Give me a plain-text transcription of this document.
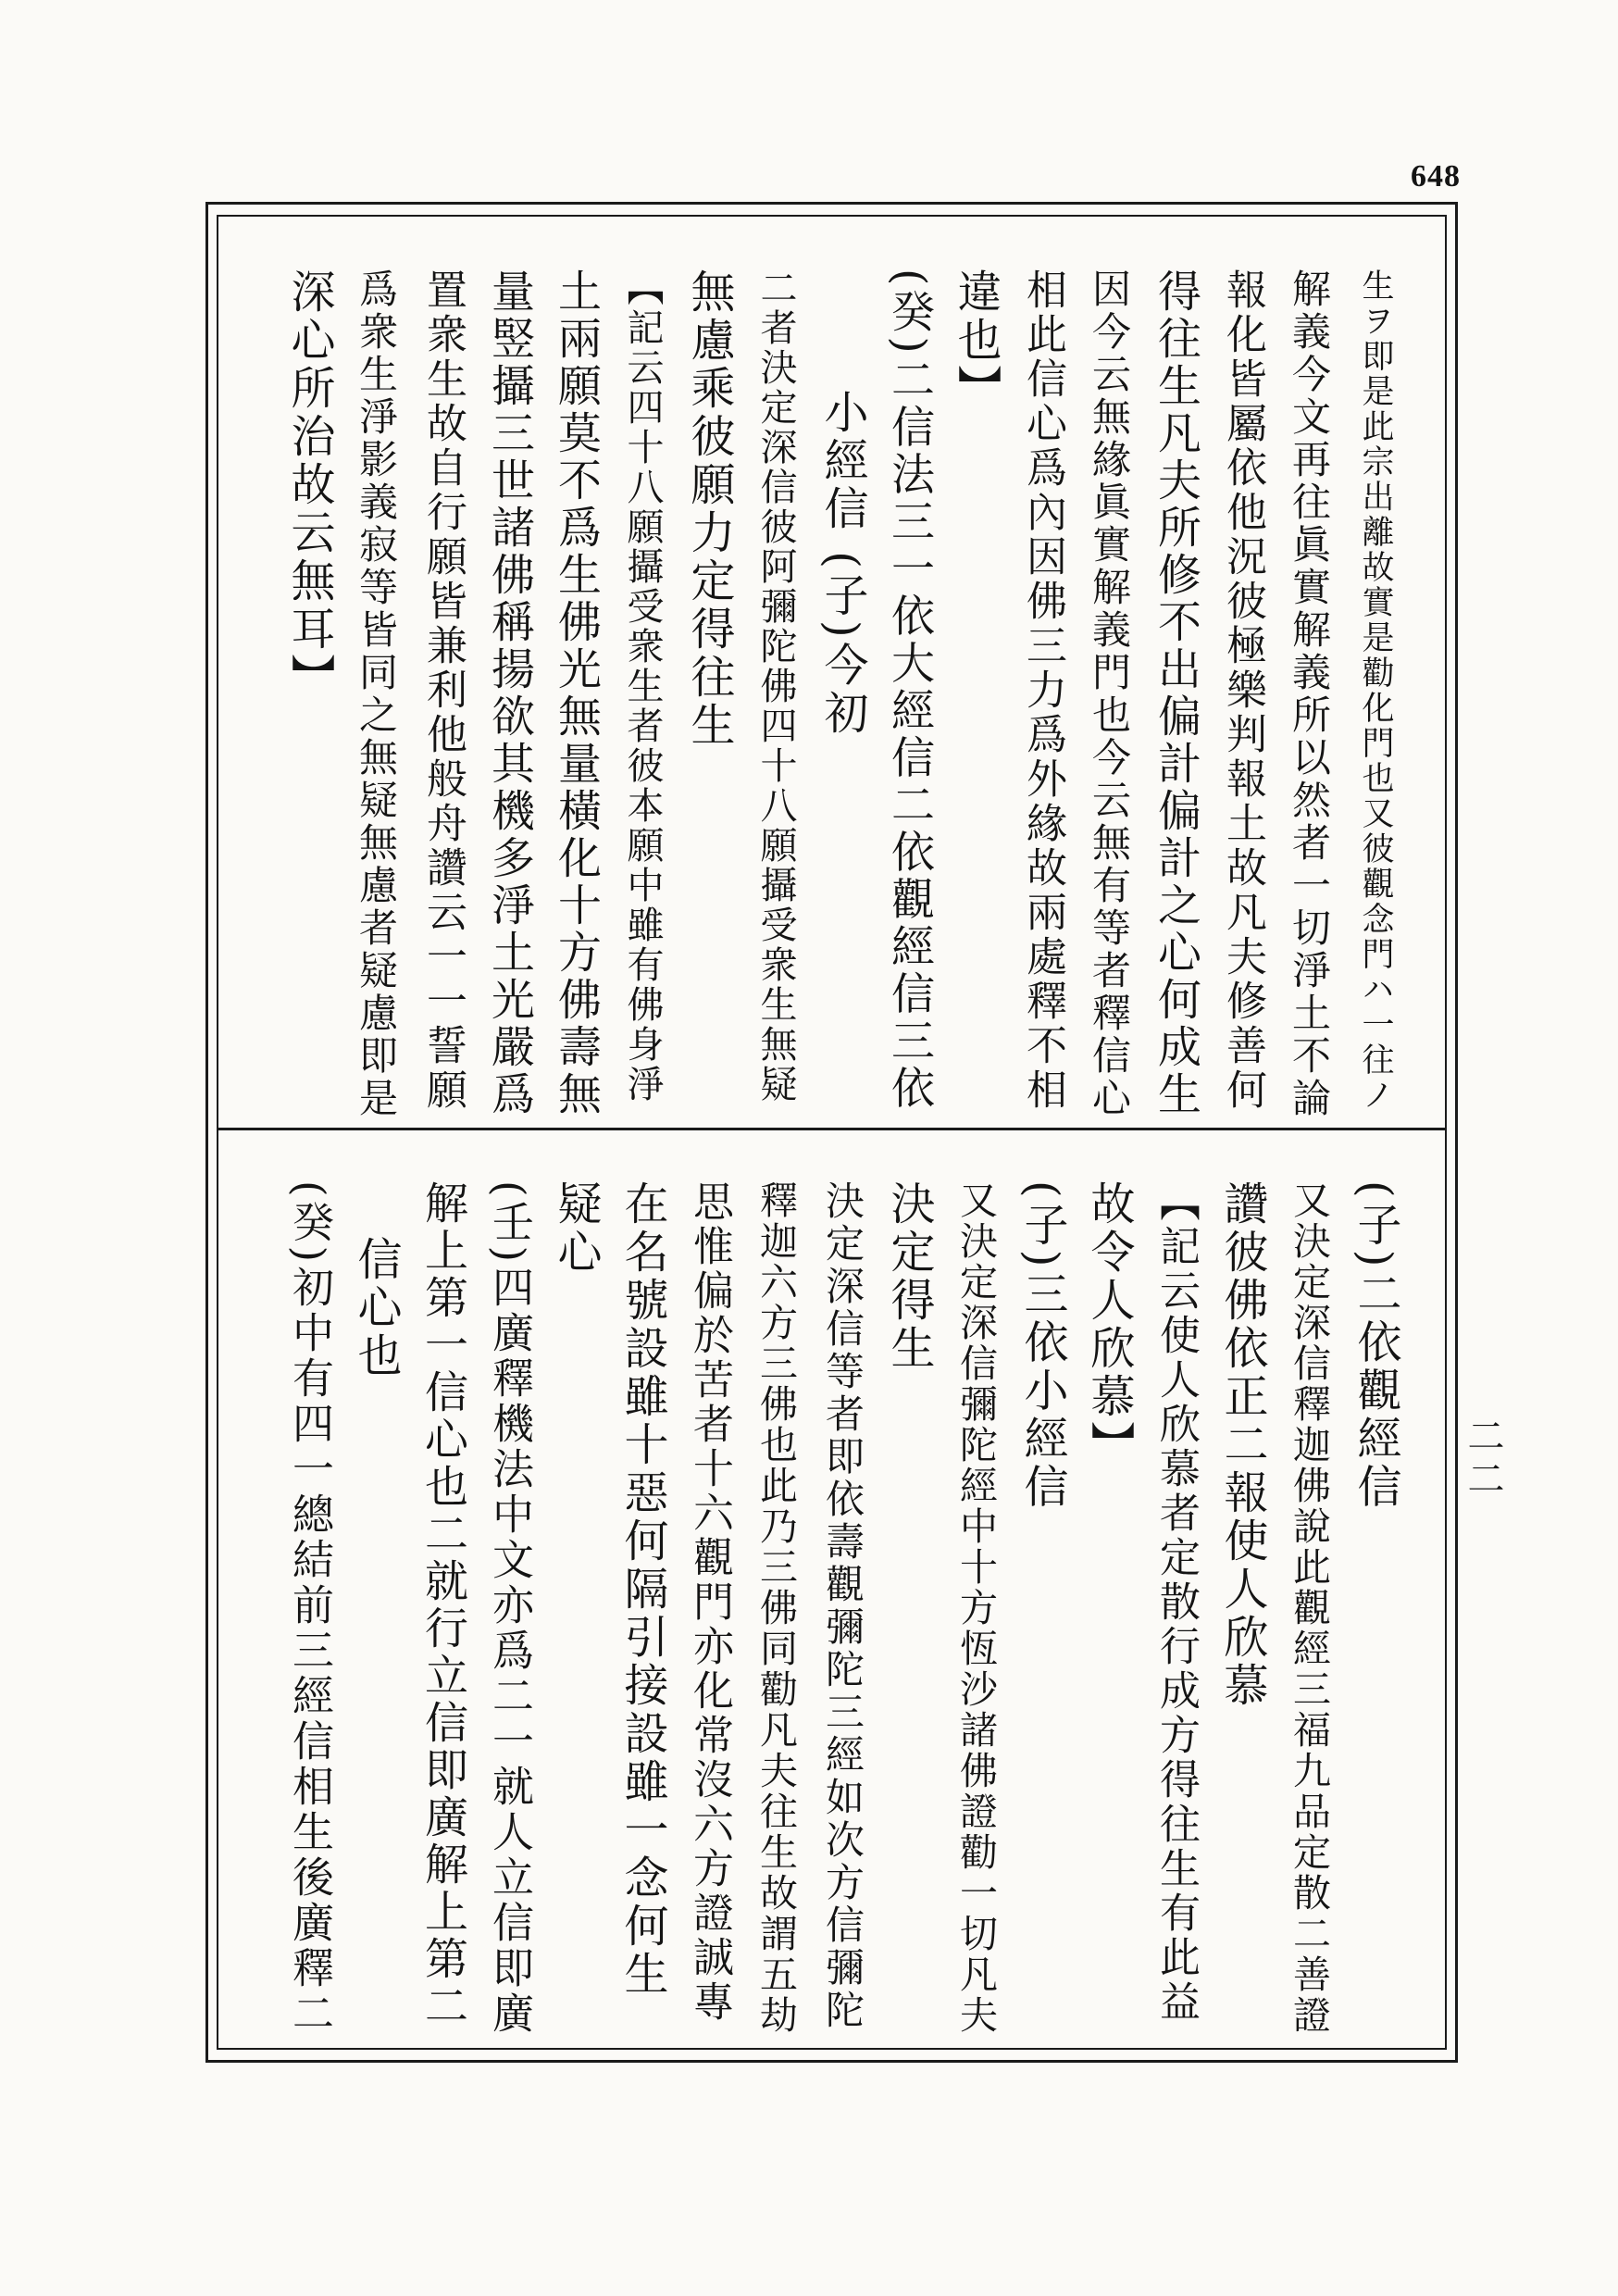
648
二二

生ヲ即是此宗出離故實是勸化門也又彼觀念門ハ一往ノ

解義今文再往眞實解義所以然者一切淨土不論

報化皆屬依他況彼極樂判報土故凡夫修善何

得往生凡夫所修不出偏計偏計之心何成生

因今云無緣眞實解義門也今云無有等者釋信心

相此信心爲內因佛三力爲外緣故兩處釋不相

違也】

(癸)二信法三一依大經信二依觀經信三依

小經信 (子)今初

二者決定深信彼阿彌陀佛四十八願攝受衆生無疑

無慮乘彼願力定得往生

【記云四十八願攝受衆生者彼本願中雖有佛身淨

土兩願莫不爲生佛光無量橫化十方佛壽無

量竪攝三世諸佛稱揚欲其機多淨土光嚴爲

置衆生故自行願皆兼利他般舟讚云一一誓願

爲衆生淨影義寂等皆同之無疑無慮者疑慮即是

深心所治故云無耳】

(子)二依觀經信

又決定深信釋迦佛說此觀經三福九品定散二善證

讚彼佛依正二報使人欣慕

【記云使人欣慕者定散行成方得往生有此益

故令人欣慕】

(子)三依小經信

又決定深信彌陀經中十方恆沙諸佛證勸一切凡夫

決定得生

決定深信等者即依壽觀彌陀三經如次方信彌陀

釋迦六方三佛也此乃三佛同勸凡夫往生故謂五劫

思惟偏於苦者十六觀門亦化常沒六方證誠專

在名號設雖十惡何隔引接設雖一念何生

疑心

(壬)四廣釋機法中文亦爲二一就人立信即廣

解上第一信心也二就行立信即廣解上第二

信心也

(癸)初中有四一總結前三經信相生後廣釋二
